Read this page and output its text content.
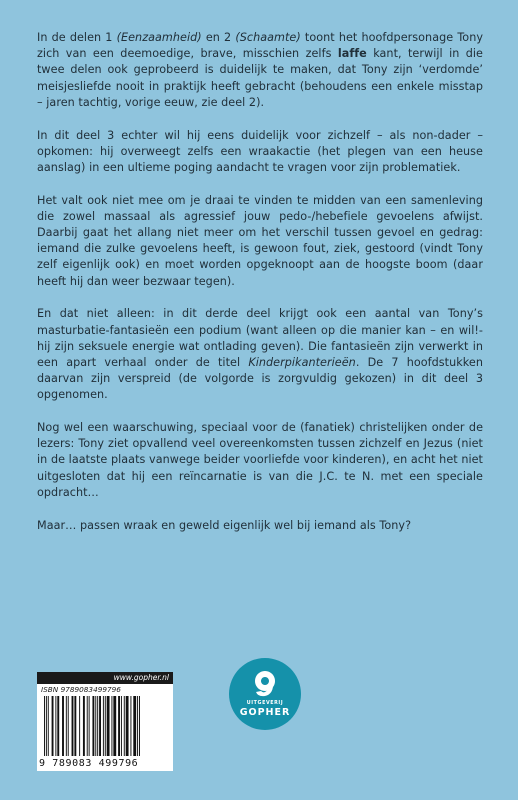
In de delen 1 (Eenzaamheid) en 2 (Schaamte) toont het hoofdpersonage Tony zich van een deemoedige, brave, misschien zelfs laffe kant, terwijl in die twee delen ook geprobeerd is duidelijk te maken, dat Tony zijn ‘verdomde’ meisjesliefde nooit in praktijk heeft gebracht (behoudens een enkele misstap – jaren tachtig, vorige eeuw, zie deel 2).

In dit deel 3 echter wil hij eens duidelijk voor zichzelf – als non-dader – opkomen: hij overweegt zelfs een wraakactie (het plegen van een heuse aanslag) in een ultieme poging aandacht te vragen voor zijn problematiek.

Het valt ook niet mee om je draai te vinden te midden van een samenleving die zowel massaal als agressief jouw pedo-/hebefiele gevoelens afwijst. Daarbij gaat het allang niet meer om het verschil tussen gevoel en gedrag: iemand die zulke gevoelens heeft, is gewoon fout, ziek, gestoord (vindt Tony zelf eigenlijk ook) en moet worden opgeknoopt aan de hoogste boom (daar heeft hij dan weer bezwaar tegen).

En dat niet alleen: in dit derde deel krijgt ook een aantal van Tony’s masturbatie-fantasieën een podium (want alleen op die manier kan – en wil!- hij zijn seksuele energie wat ontlading geven). Die fantasieën zijn verwerkt in een apart verhaal onder de titel Kinderpikanterieën. De 7 hoofdstukken daarvan zijn verspreid (de volgorde is zorgvuldig gekozen) in dit deel 3 opgenomen.

Nog wel een waarschuwing, speciaal voor de (fanatiek) christelijken onder de lezers: Tony ziet opvallend veel overeenkomsten tussen zichzelf en Jezus (niet in de laatste plaats vanwege beider voorliefde voor kinderen), en acht het niet uitgesloten dat hij een reïncarnatie is van die J.C. te N. met een speciale opdracht…

Maar… passen wraak en geweld eigenlijk wel bij iemand als Tony?

www.gopher.nl
ISBN 9789083499796
9 789083 499796
UITGEVERIJ
GOPHER
